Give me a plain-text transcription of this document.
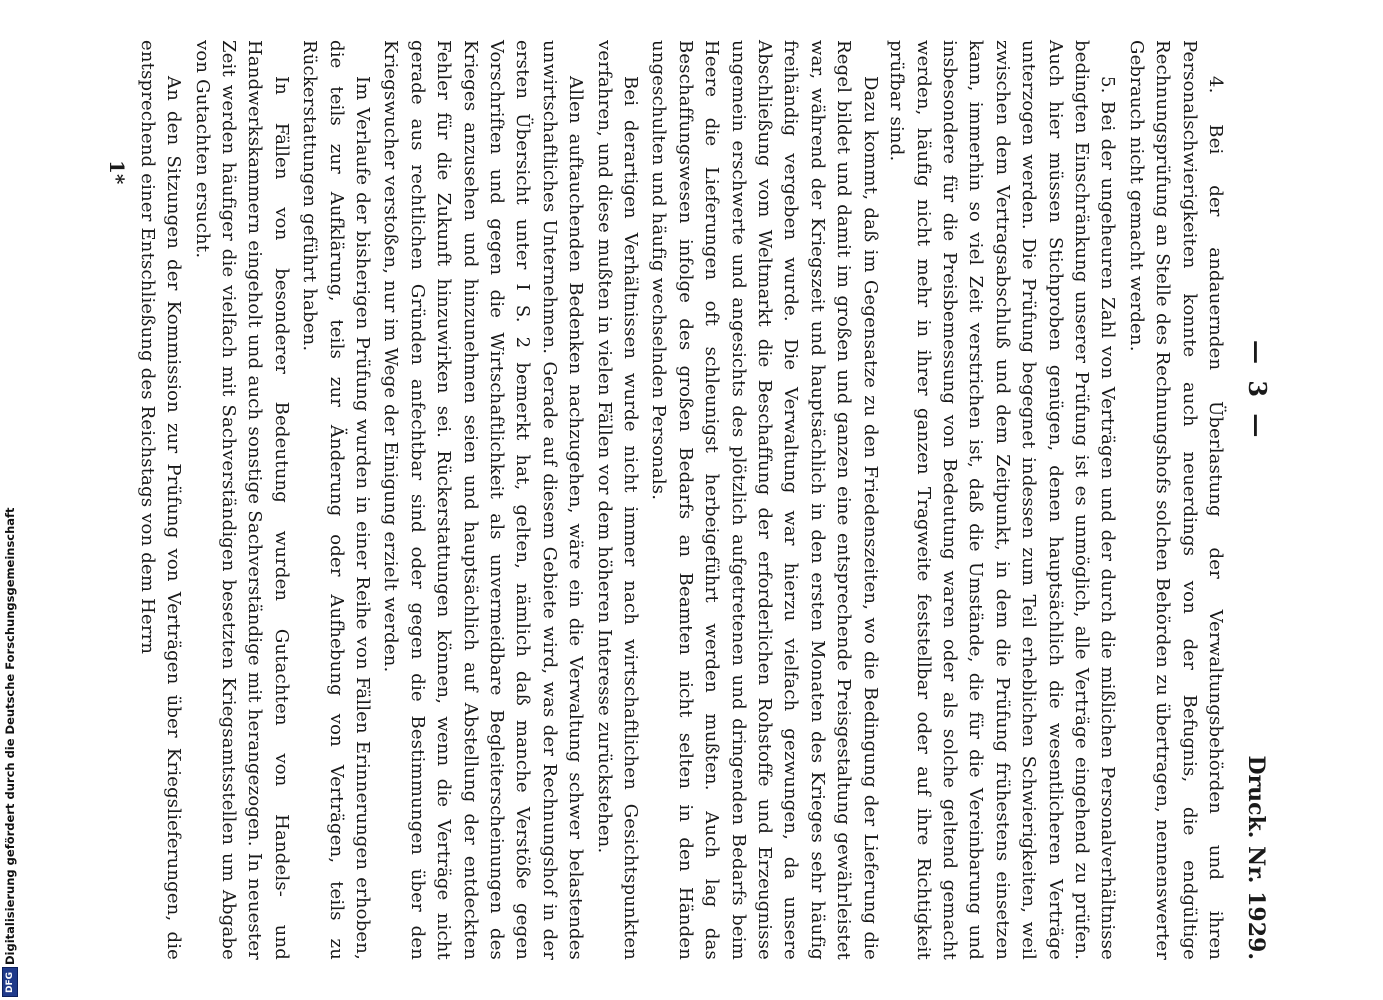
— 3 —
Druck. Nr. 1929.

4. Bei der andauernden Überlastung der Verwaltungsbehörden und ihren Personalschwierigkeiten konnte auch neuerdings von der Befugnis, die endgültige Rechnungsprüfung an Stelle des Rechnungshofs solchen Behörden zu übertragen, nennenswerter Gebrauch nicht gemacht werden.

5. Bei der ungeheuren Zahl von Verträgen und der durch die mißlichen Personalverhältnisse bedingten Einschränkung unserer Prüfung ist es unmöglich, alle Verträge eingehend zu prüfen. Auch hier müssen Stichproben genügen, denen hauptsächlich die wesentlicheren Verträge unterzogen werden. Die Prüfung begegnet indessen zum Teil erheblichen Schwierigkeiten, weil zwischen dem Vertragsabschluß und dem Zeitpunkt, in dem die Prüfung frühestens einsetzen kann, immerhin so viel Zeit verstrichen ist, daß die Umstände, die für die Vereinbarung und insbesondere für die Preisbemessung von Bedeutung waren oder als solche geltend gemacht werden, häufig nicht mehr in ihrer ganzen Tragweite feststellbar oder auf ihre Richtigkeit prüfbar sind.

Dazu kommt, daß im Gegensatze zu den Friedenszeiten, wo die Bedingung der Lieferung die Regel bildet und damit im großen und ganzen eine entsprechende Preisgestaltung gewährleistet war, während der Kriegszeit und hauptsächlich in den ersten Monaten des Krieges sehr häufig freihändig vergeben wurde. Die Verwaltung war hierzu vielfach gezwungen, da unsere Abschließung vom Weltmarkt die Beschaffung der erforderlichen Rohstoffe und Erzeugnisse ungemein erschwerte und angesichts des plötzlich aufgetretenen und dringenden Bedarfs beim Heere die Lieferungen oft schleunigst herbeigeführt werden mußten. Auch lag das Beschaffungswesen infolge des großen Bedarfs an Beamten nicht selten in den Händen ungeschulten und häufig wechselnden Personals.

Bei derartigen Verhältnissen wurde nicht immer nach wirtschaftlichen Gesichtspunkten verfahren, und diese mußten in vielen Fällen vor dem höheren Interesse zurückstehen.

Allen auftauchenden Bedenken nachzugehen, wäre ein die Verwaltung schwer belastendes unwirtschaftliches Unternehmen. Gerade auf diesem Gebiete wird, was der Rechnungshof in der ersten Übersicht unter I S. 2 bemerkt hat, gelten, nämlich daß manche Verstöße gegen Vorschriften und gegen die Wirtschaftlichkeit als unvermeidbare Begleiterscheinungen des Krieges anzusehen und hinzunehmen seien und hauptsächlich auf Abstellung der entdeckten Fehler für die Zukunft hinzuwirken sei. Rückerstattungen können, wenn die Verträge nicht gerade aus rechtlichen Gründen anfechtbar sind oder gegen die Bestimmungen über den Kriegswucher verstoßen, nur im Wege der Einigung erzielt werden.

Im Verlaufe der bisherigen Prüfung wurden in einer Reihe von Fällen Erinnerungen erhoben, die teils zur Aufklärung, teils zur Änderung oder Aufhebung von Verträgen, teils zu Rückerstattungen geführt haben.

In Fällen von besonderer Bedeutung wurden Gutachten von Handels- und Handwerkskammern eingeholt und auch sonstige Sachverständige mit herangezogen. In neuester Zeit werden häufiger die vielfach mit Sachverständigen besetzten Kriegsamtsstellen um Abgabe von Gutachten ersucht.

An den Sitzungen der Kommission zur Prüfung von Verträgen über Kriegslieferungen, die entsprechend einer Entschließung des Reichstags von dem Herrn

1*
Digitalisierung gefördert durch die Deutsche Forschungsgemeinschaft
DFG
